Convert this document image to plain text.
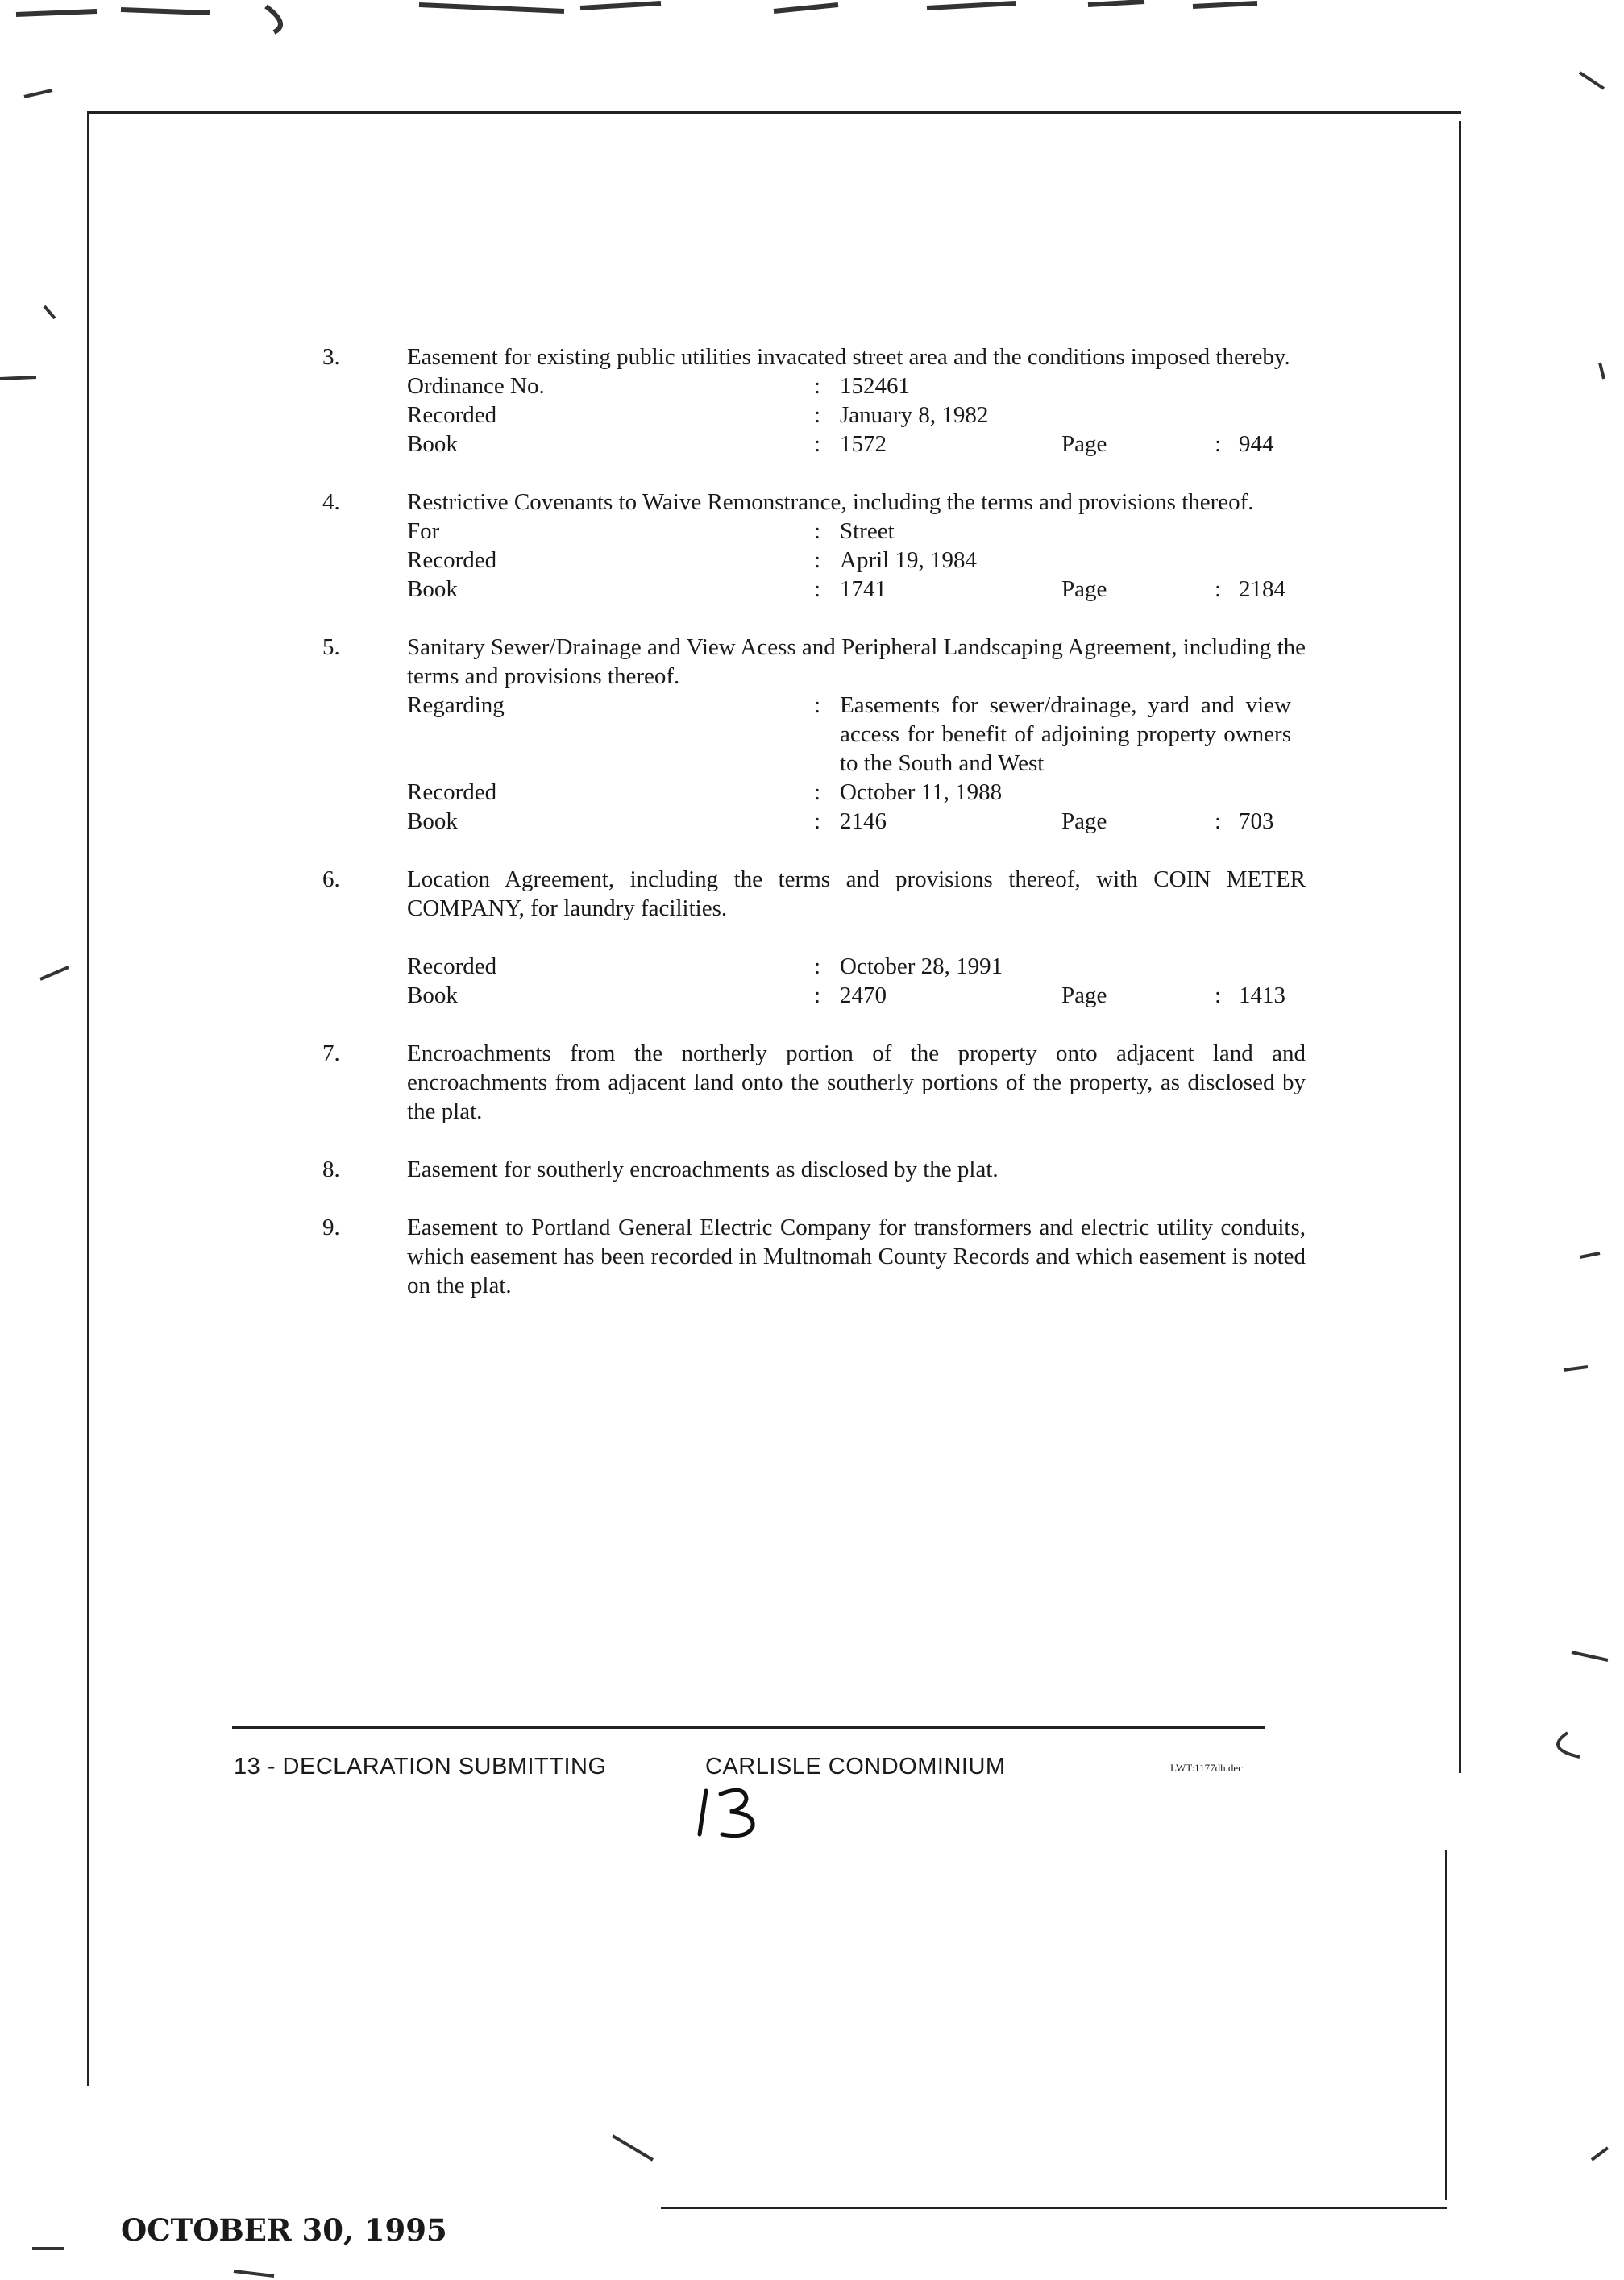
3.	Easement for existing public utilities invacated street area and the conditions imposed thereby.
Ordinance No.	: 152461
Recorded	: January 8, 1982
Book	: 1572	Page	: 944
4.	Restrictive Covenants to Waive Remonstrance, including the terms and provisions thereof.
For	: Street
Recorded	: April 19, 1984
Book	: 1741	Page	: 2184
5.	Sanitary Sewer/Drainage and View Acess and Peripheral Landscaping Agreement, including the terms and provisions thereof.
Regarding	: Easements for sewer/drainage, yard and view access for benefit of adjoining property owners to the South and West
Recorded	: October 11, 1988
Book	: 2146	Page	: 703
6.	Location Agreement, including the terms and provisions thereof, with COIN METER COMPANY, for laundry facilities.
Recorded	: October 28, 1991
Book	: 2470	Page	: 1413
7.	Encroachments from the northerly portion of the property onto adjacent land and encroachments from adjacent land onto the southerly portions of the property, as disclosed by the plat.
8.	Easement for southerly encroachments as disclosed by the plat.
9.	Easement to Portland General Electric Company for transformers and electric utility conduits, which easement has been recorded in Multnomah County Records and which easement is noted on the plat.
13 - DECLARATION SUBMITTING	CARLISLE CONDOMINIUM	LWT:1177dh.dec
OCTOBER 30, 1995
